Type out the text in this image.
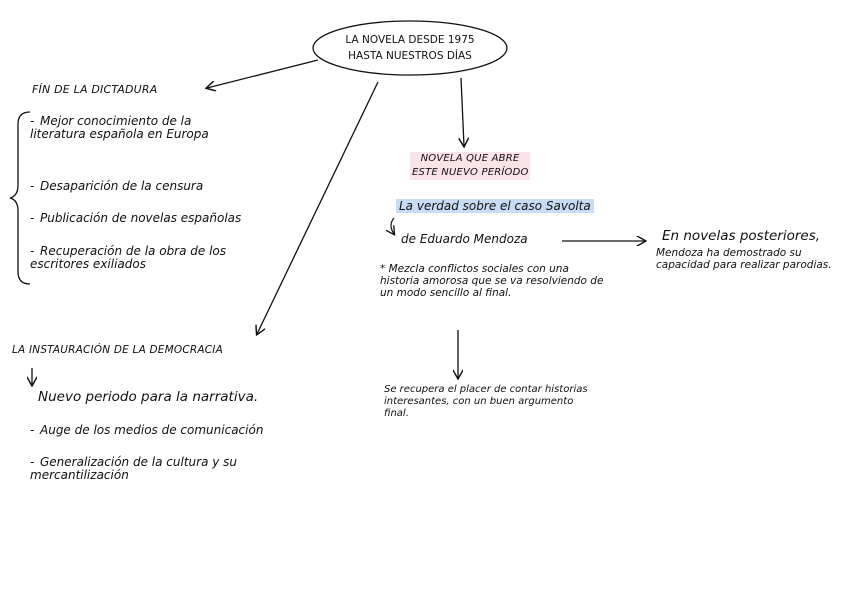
LA NOVELA DESDE 1975
HASTA NUESTROS DÍAS
FÍN DE LA DICTADURA
- Mejor conocimiento de la literatura española en Europa
- Desaparición de la censura
- Publicación de novelas españolas
- Recuperación de la obra de los escritores exiliados
LA INSTAURACIÓN DE LA DEMOCRACIA
Nuevo periodo para la narrativa.
- Auge de los medios de comunicación
- Generalización de la cultura y su mercantilización
NOVELA QUE ABRE
ESTE NUEVO PERÍODO
La verdad sobre el caso Savolta
de Eduardo Mendoza
* Mezcla conflictos sociales con una historia amorosa que se va resolviendo de un modo sencillo al final.
Se recupera el placer de contar historias interesantes, con un buen argumento final.
En novelas posteriores,
Mendoza ha demostrado su capacidad para realizar parodias.
